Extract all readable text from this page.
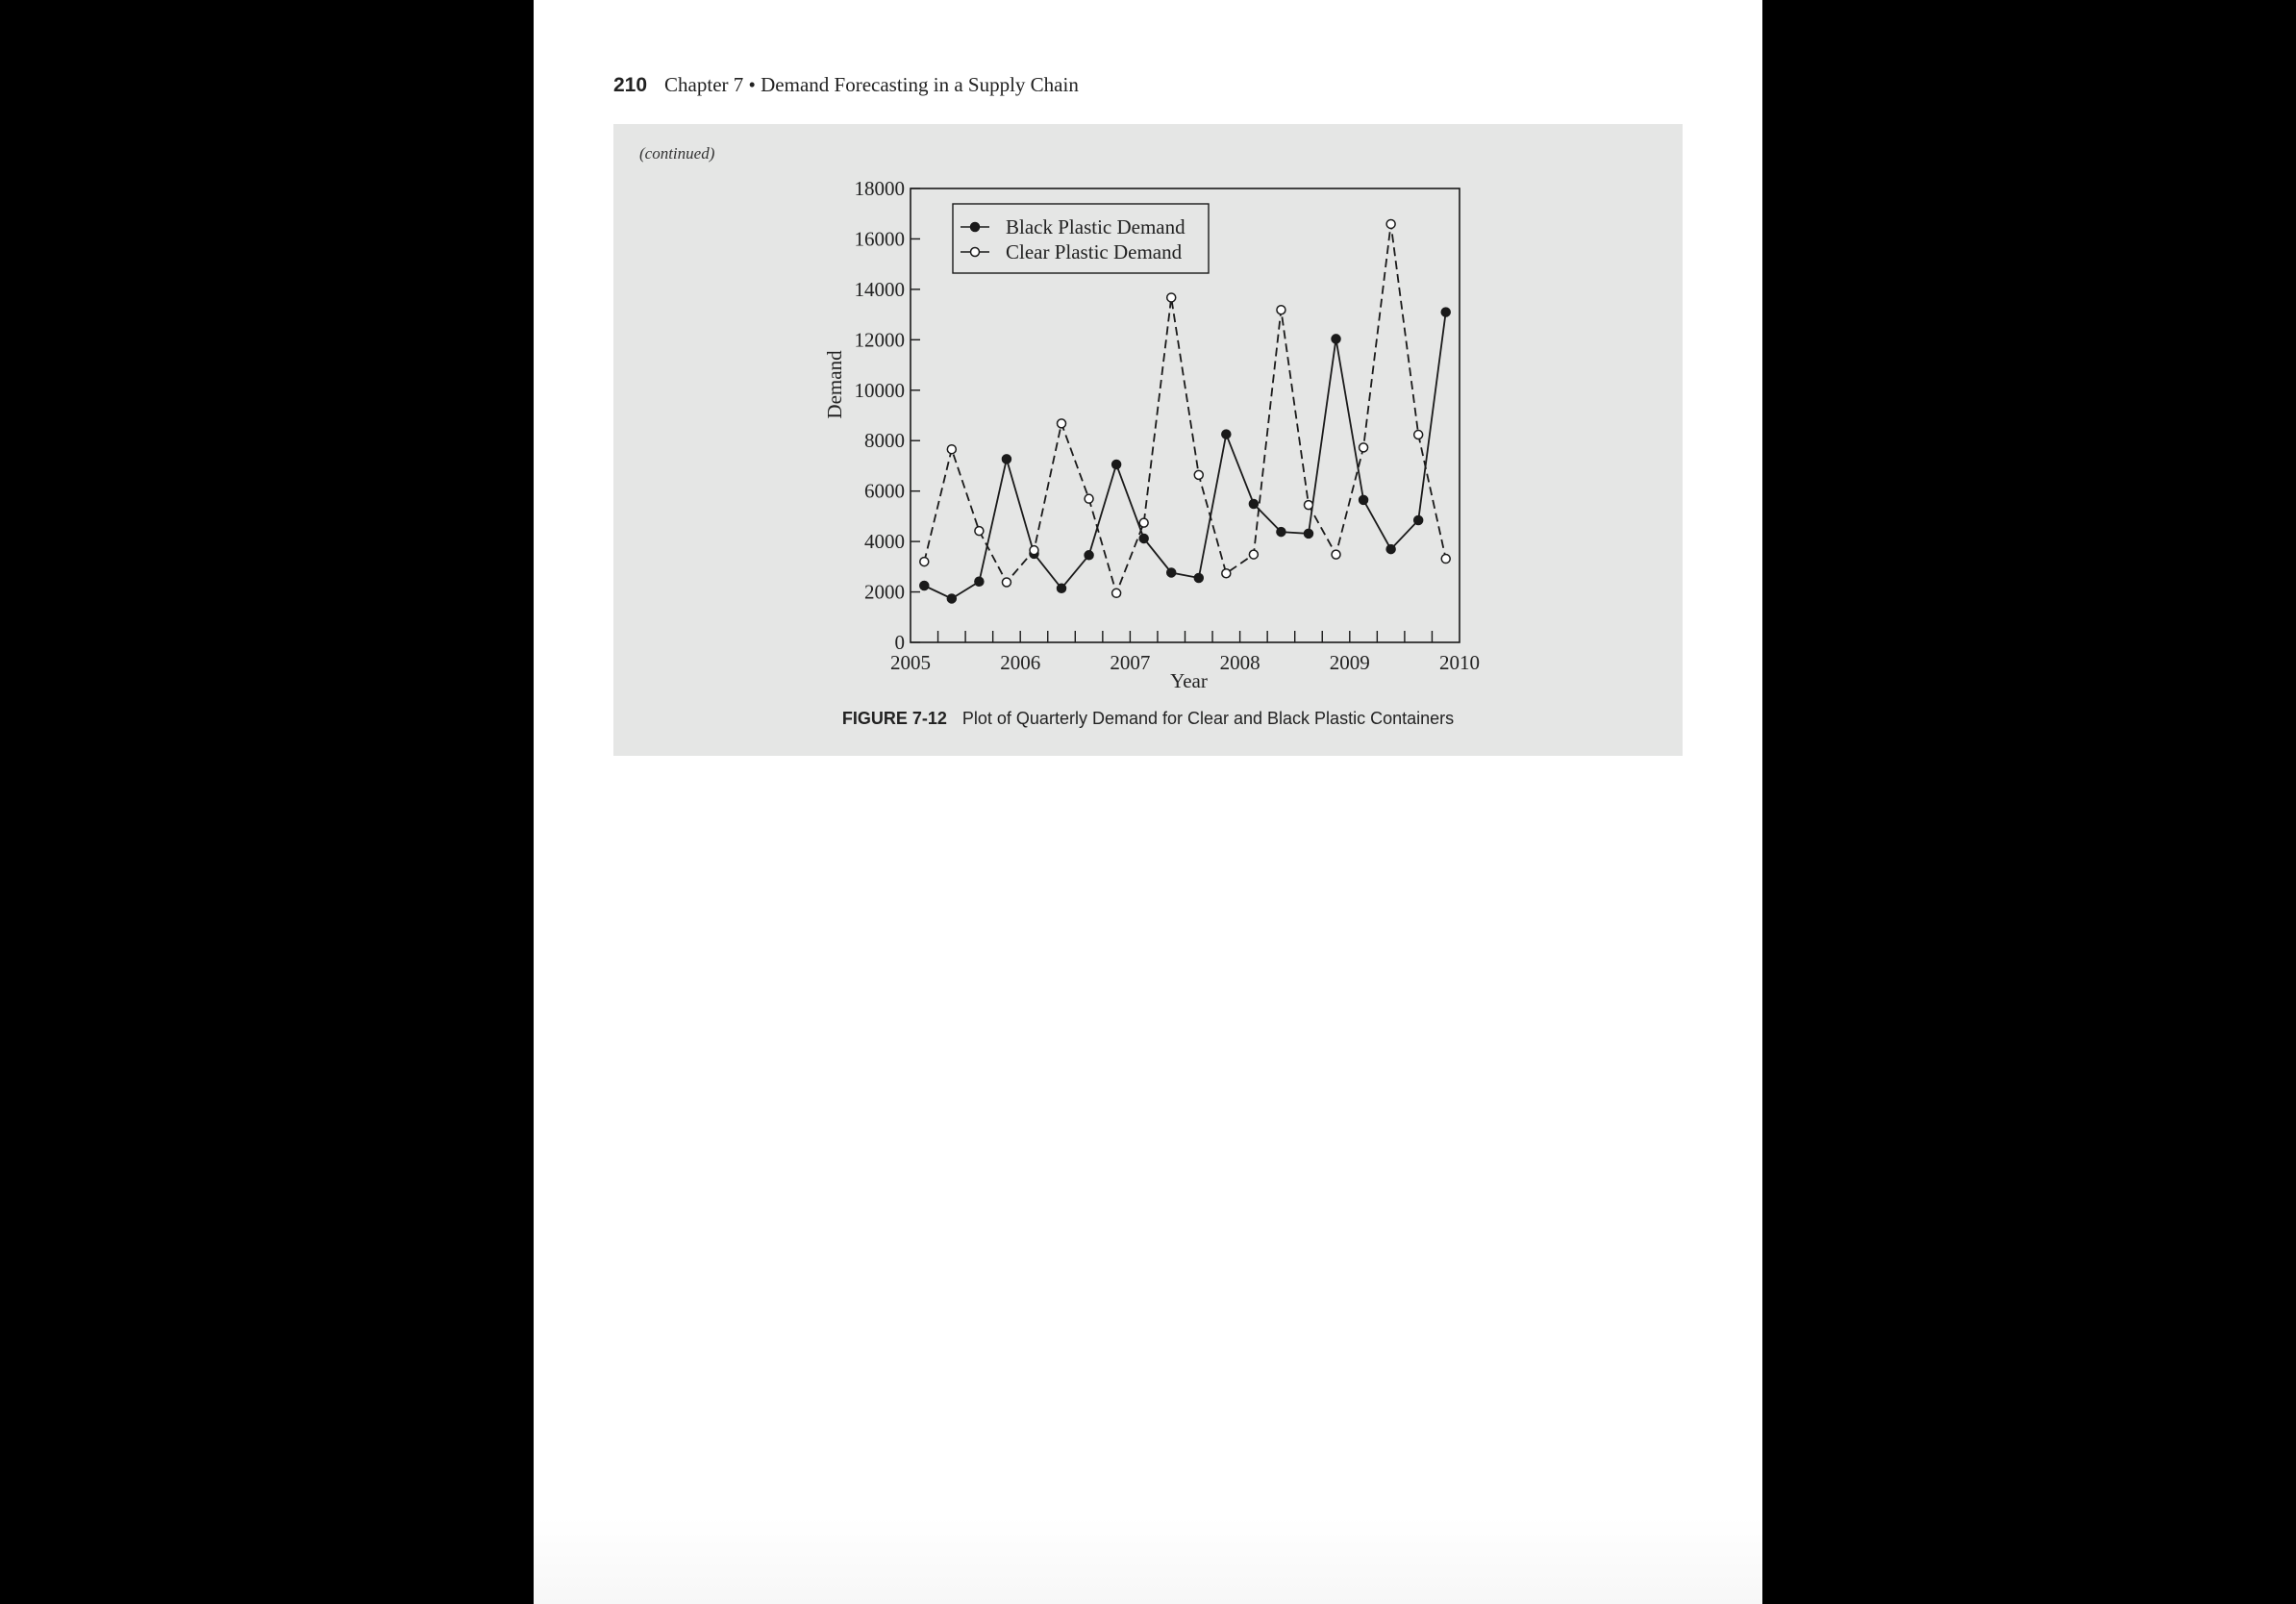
210 Chapter 7 • Demand Forecasting in a Supply Chain
(continued)
0
2000
4000
6000
8000
10000
12000
14000
16000
18000
2005	2006	2007	2008	2009	2010
Year
Demand
Black Plastic Demand
Clear Plastic Demand
FIGURE 7-12 Plot of Quarterly Demand for Clear and Black Plastic Containers
